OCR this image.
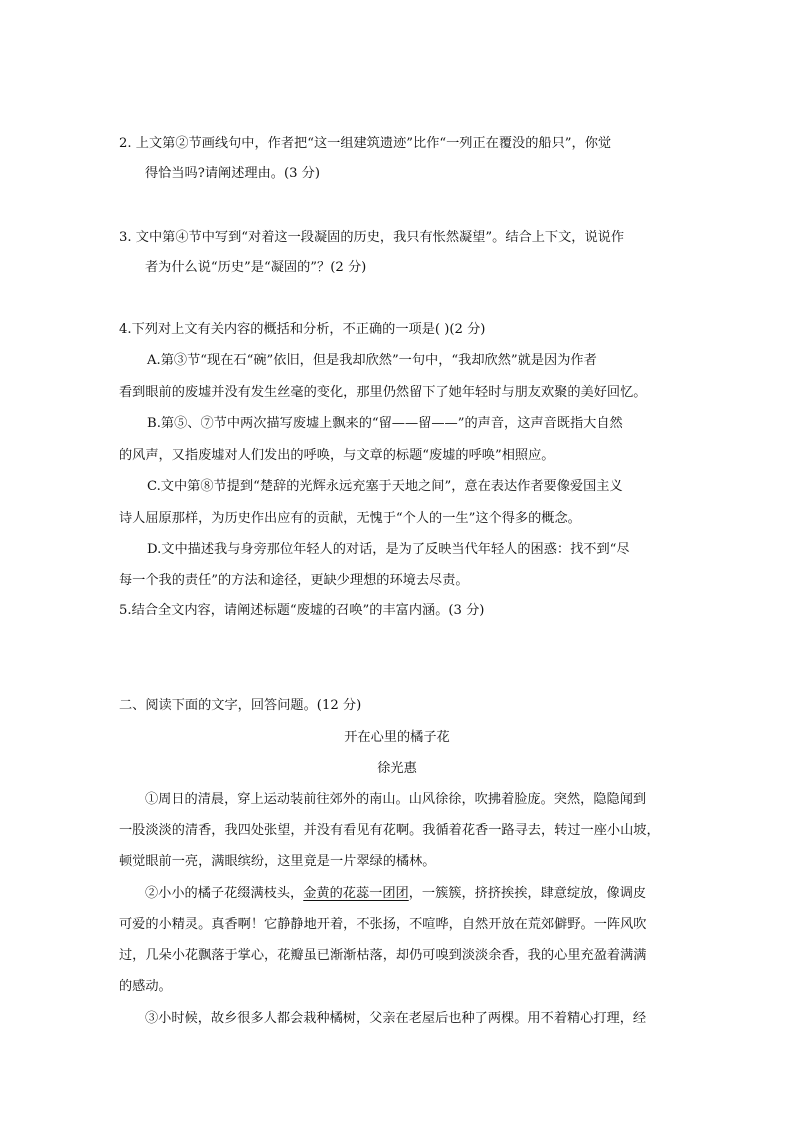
2. 上文第②节画线句中，作者把“这一组建筑遗迹”比作“一列正在覆没的船只”，你觉
得恰当吗?请阐述理由。(3 分)
3. 文中第④节中写到“对着这一段凝固的历史，我只有怅然凝望”。结合上下文，说说作
者为什么说“历史”是“凝固的”？(2 分)
4.下列对上文有关内容的概括和分析，不正确的一项是( )(2 分)
A.第③节“现在石“碗”依旧，但是我却欣然”一句中，“我却欣然”就是因为作者
看到眼前的废墟并没有发生丝毫的变化，那里仍然留下了她年轻时与朋友欢聚的美好回忆。
B.第⑤、⑦节中两次描写废墟上飘来的“留——留——”的声音，这声音既指大自然
的风声，又指废墟对人们发出的呼唤，与文章的标题“废墟的呼唤”相照应。
C.文中第⑧节提到“楚辞的光辉永远充塞于天地之间”，意在表达作者要像爱国主义
诗人屈原那样，为历史作出应有的贡献，无愧于“个人的一生”这个得多的概念。
D.文中描述我与身旁那位年轻人的对话，是为了反映当代年轻人的困惑：找不到“尽
每一个我的责任”的方法和途径，更缺少理想的环境去尽责。
5.结合全文内容，请阐述标题“废墟的召唤”的丰富内涵。(3 分)
二、阅读下面的文字，回答问题。(12 分)
开在心里的橘子花
徐光惠
①周日的清晨，穿上运动装前往郊外的南山。山风徐徐，吹拂着脸庞。突然，隐隐闻到
一股淡淡的清香，我四处张望，并没有看见有花啊。我循着花香一路寻去，转过一座小山坡，
顿觉眼前一亮，满眼缤纷，这里竟是一片翠绿的橘林。
②小小的橘子花缀满枝头，金黄的花蕊一团团，一簇簇，挤挤挨挨，肆意绽放，像调皮
可爱的小精灵。真香啊！它静静地开着，不张扬，不喧哗，自然开放在荒郊僻野。一阵风吹
过，几朵小花飘落于掌心，花瓣虽已渐渐枯落，却仍可嗅到淡淡余香，我的心里充盈着满满
的感动。
③小时候，故乡很多人都会栽种橘树，父亲在老屋后也种了两棵。用不着精心打理，经
